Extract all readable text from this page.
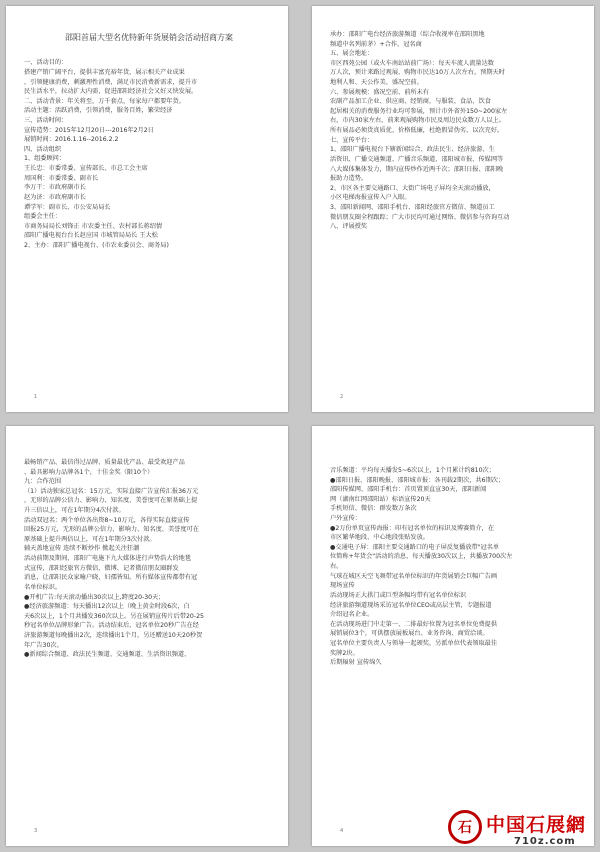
邵阳首届大型名优特新年货展销会活动招商方案
一、活动目的：
搭建产销广阔平台，提供丰富充裕年货，展示相关产业成果
，引领健康消费，刺激理性消费，满足市民消费新需求，提升市
民生活水平，拉动扩大内需，促进邵阳经济社会又好又快发展。
二、活动背景：年关将至，万千套点，每家每户都要年货。
活动主题：活跃消费，引领消费，服务百姓，繁荣经济
三、活动时间：
宣传造势：2015年12月20日---2016年2月2日
展销时间：2016.1.16--2016.2.2
四、活动组织
1、组委顾问：
王长忠：市委常委、宣传部长、市总工会主席
周国利：市委常委、副市长
李万干：市政府副市长
赵为济：市政府副市长
谭学军：副市长、市公安局局长
组委会主任：
市商务局局长刘锋正 市农委主任、农村部长蒋绍情
邵阳广播电视台台长赵应国 市城管局局长 王大松
2、主办：邵阳广播电视台、(市农业委员会、商务局)
1
承办：邵阳广电台经济旅游频道（综合收视率在邵阳黑地
频道中名列前茅）+合作、冠名商
五、展会地址：
市区西苑公园（或火车南站站前广场）：每天车流人流量达数
万人次，预计来路过观展、购物市民达10万人次左右，预期天时
地利人和、天公作美、盛况空前。
六、参展规模：盛况空前、前所未有
农副产品加工企业、供应商、经销商，与服装、食品、饮食
起居相关的消费服务行业均可参展，预计市外省外150~200家左
右，市内30家左右，前来观展购物市民及周边民众数万人以上。
所有展品必须货真质优、价格低廉，杜绝假冒伪劣，以次充好。
七、宣传平台：
1、邵阳广播电视台下辖新闻综合、政法民生、经济旅游、生
活资讯、广播交通频道、广播音乐频道、邵阳城市报、传媒网等
八大媒体集体发力，期内宣传炒作近两千次；邵阳日报、邵阳晚
报助力造势。
2、市区各主要交通路口、大街广场电子屏均全天滚动播放，
小区电梯海报宣传入户入眼。
3、邵阳新闻网、邵阳手机台、邵阳经旅官方微信、频道员工
微信朋友圈全程跟踪；广大市民均可通过网络、微信参与咨询互动
八、评展授奖
2
最畅销产品、最信得过品牌、质量最优产品、最受欢迎产品
、最具影响力品牌各1个，十佳金奖（限10个）
九：合作范围
（1）活动独家总冠名：15万元，实际直接广告宣传汇报36万元
，无形的品牌公信力、影响力、知名度、美誉度可在原基础上提
升三倍以上，可在1年期分4次付款。
活动双冠名：两个单位各出资8~10万元，各得实际直接宣传
回报25万元，无形的品牌公信力、影响力、知名度、美誉度可在
原基础上提升两倍以上，可在1年期分3次付款。
辅天盖地宣传 连续不断炒作 掀起关注狂潮
活动前期及期间，邵阳广电施下九大媒体进行声势浩大的地毯
式宣传，邵阳经旅官方微信、微博、记者微信朋友圈群发
消息，让邵阳民众家喻户晓，妇孺皆知。所有媒体宣传都带有冠
名单位标识。
●开机广告:每天滚动播出30次以上,跨度20-30天；
●经济旅游频道：每天播出12次以上（晚上黄金时段6次，白
天6次以上，1个月共播发360次以上。另在展销宣传片后带20-25
秒冠名单位品牌形象广告。活动结束后，冠名单位20秒广告在经
济旅游频道每晚播出2次，连续播出1个月，另还赠送10天20秒贺
年广告30次。
●新闻综合频道、政法民生频道、交通频道、生活资讯频道、
3
音乐频道：平均每天播发5~6次以上，1个月累计约810次；
●邵阳日报、邵阳晚报、邵阳城市报：各刊载2期次，共6期次；
邵阳传媒网、邵阳手机台：首页置顶直宣30天，邵阳新闻
网（湖南红网邵阳站）标语宣传20天
手机短信、微信：群发数万条次
户外宣传：
●2万份单页宣传海报：印有冠名单位的标识及博赛简介，在
市区繁华地段、中心地段张贴发放。
●交通电子屏：邵阳主要交通路口的电子屏反复播放带"冠名单
位简称+年货会"活动的消息，每天播放30次以上，共播放700次左
右。
气球在城区天空飞舞带冠名单位标识的年货展销会巨幅广告画
现场宣传
活动现场正大拱门或巨型条幅均带有冠名单位标识
经济旅游频道现场采访冠名单位CEO或高层主管，专题报道
介绍冠名企业。
在活动现场进门中走第一、二排最好位置为冠名单位免费提供
展销展位3个，可供摆放展板展台、业务咨询、商贸洽谈。
冠名单位主要负责人与领导一起颁奖，另派单位代表领取最佳
奖牌2块。
后期辐射 宣传绵久
4	石 中国石展網
710z.com
